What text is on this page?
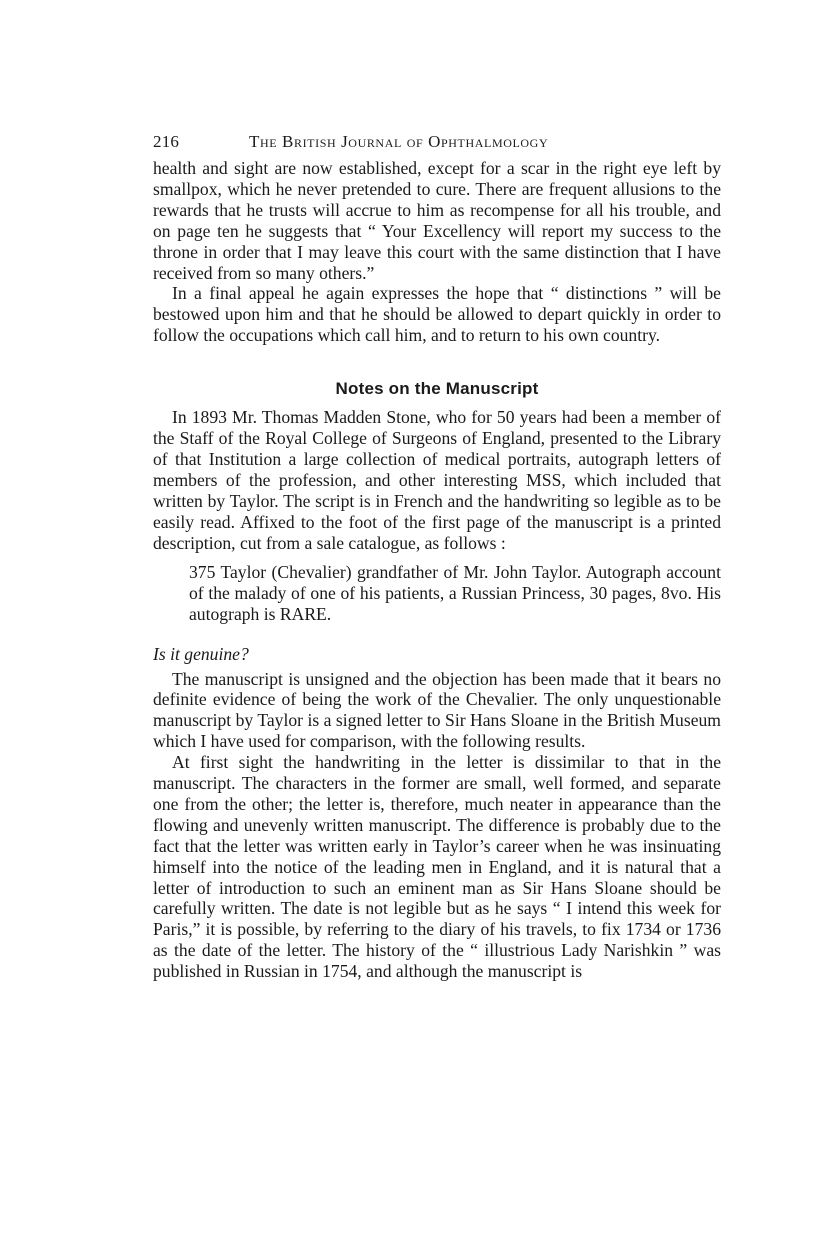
216	The British Journal of Ophthalmology

health and sight are now established, except for a scar in the right eye left by smallpox, which he never pretended to cure. There are frequent allusions to the rewards that he trusts will accrue to him as recompense for all his trouble, and on page ten he suggests that “ Your Excellency will report my success to the throne in order that I may leave this court with the same distinction that I have received from so many others.”

In a final appeal he again expresses the hope that “ distinctions ” will be bestowed upon him and that he should be allowed to depart quickly in order to follow the occupations which call him, and to return to his own country.

Notes on the Manuscript

In 1893 Mr. Thomas Madden Stone, who for 50 years had been a member of the Staff of the Royal College of Surgeons of England, presented to the Library of that Institution a large collection of medical portraits, autograph letters of members of the profession, and other interesting MSS, which included that written by Taylor. The script is in French and the handwriting so legible as to be easily read. Affixed to the foot of the first page of the manuscript is a printed description, cut from a sale catalogue, as follows :

375 Taylor (Chevalier) grandfather of Mr. John Taylor. Autograph account of the malady of one of his patients, a Russian Princess, 30 pages, 8vo. His autograph is RARE.
Is it genuine?

The manuscript is unsigned and the objection has been made that it bears no definite evidence of being the work of the Chevalier. The only unquestionable manuscript by Taylor is a signed letter to Sir Hans Sloane in the British Museum which I have used for comparison, with the following results.

At first sight the handwriting in the letter is dissimilar to that in the manuscript. The characters in the former are small, well formed, and separate one from the other; the letter is, therefore, much neater in appearance than the flowing and unevenly written manuscript. The difference is probably due to the fact that the letter was written early in Taylor’s career when he was insinuating himself into the notice of the leading men in England, and it is natural that a letter of introduction to such an eminent man as Sir Hans Sloane should be carefully written. The date is not legible but as he says “ I intend this week for Paris,” it is possible, by referring to the diary of his travels, to fix 1734 or 1736 as the date of the letter. The history of the “ illustrious Lady Narishkin ” was published in Russian in 1754, and although the manuscript is
